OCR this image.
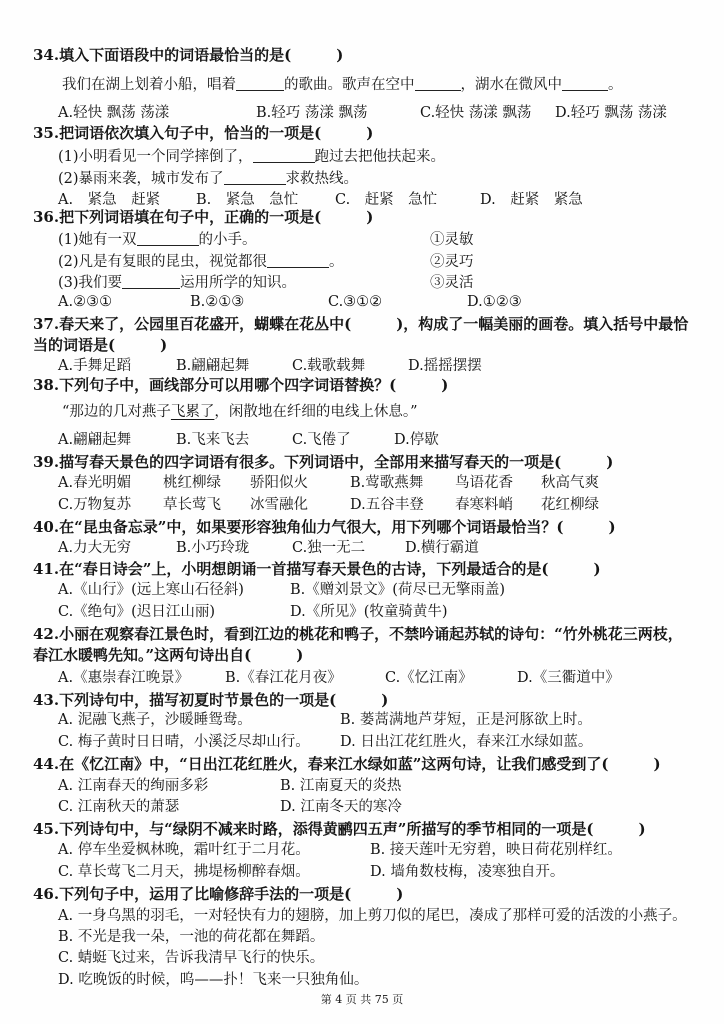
34. 填入下面语段中的词语最恰当的是(　　　)
我们在湖上划着小船，唱着	的歌曲。歌声在空中	，湖水在微风中	。
A.轻快 飘荡 荡漾	B.轻巧 荡漾 飘荡	C.轻快 荡漾 飘荡 D.轻巧 飘荡 荡漾
35. 把词语依次填入句子中，恰当的一项是(　　　)
(1)小明看见一个同学摔倒了，	跑过去把他扶起来。
(2)暴雨来袭，城市发布了	求救热线。
A.　紧急　赶紧 B.　紧急　急忙	C.　赶紧　急忙	D.　赶紧　紧急
36. 把下列词语填在句子中，正确的一项是(　　　)
(1)她有一双	的小手。	①灵敏
(2)凡是有复眼的昆虫，视觉都很	。	②灵巧
(3)我们要	运用所学的知识。	③灵活
A.②③①	B.②①③	C.③①②	D.①②③
37. 春天来了，公园里百花盛开，蝴蝶在花丛中(　　　)，构成了一幅美丽的画卷。填入括号中最恰
当的词语是(　　　)
A.手舞足蹈	B.翩翩起舞	C.载歌载舞	D.摇摇摆摆
38. 下列句子中，画线部分可以用哪个四字词语替换？(　　　)
“那边的几对燕子 飞累了 ，闲散地在纤细的电线上休息。”
A.翩翩起舞	B.飞来飞去	C.飞倦了	D.停歇
39. 描写春天景色的四字词语有很多。下列词语中，全部用来描写春天的一项是(　　　)
A. 春光明媚 桃红柳绿 骄阳似火	B. 莺歌燕舞 鸟语花香 秋高气爽
C. 万物复苏 草长莺飞 冰雪融化	D. 五谷丰登 春寒料峭 花红柳绿
40. 在“昆虫备忘录”中，如果要形容独角仙力气很大，用下列哪个词语最恰当？(　　　)
A.力大无穷	B.小巧玲珑	C.独一无二	D.横行霸道
41. 在“春日诗会”上，小明想朗诵一首描写春天景色的古诗，下列最适合的是(　　　)
A.《山行》(远上寒山石径斜)	B.《赠刘景文》(荷尽已无擎雨盖)
C.《绝句》(迟日江山丽)	D.《所见》(牧童骑黄牛)
42. 小丽在观察春江景色时，看到江边的桃花和鸭子，不禁吟诵起苏轼的诗句：“竹外桃花三两枝，
春江水暖鸭先知。”这两句诗出自(　　　)
A.《惠崇春江晚景》 B.《春江花月夜》	C.《忆江南》	D.《三衢道中》
43. 下列诗句中，描写初夏时节景色的一项是(　　　)
A. 泥融飞燕子，沙暖睡鸳鸯。	B. 蒌蒿满地芦芽短，正是河豚欲上时。
C. 梅子黄时日日晴，小溪泛尽却山行。 D. 日出江花红胜火，春来江水绿如蓝。
44. 在《忆江南》中，“日出江花红胜火，春来江水绿如蓝”这两句诗，让我们感受到了(　　　)
A. 江南春天的绚丽多彩	B. 江南夏天的炎热
C. 江南秋天的萧瑟	D. 江南冬天的寒冷
45. 下列诗句中，与“绿阴不减来时路，添得黄鹂四五声”所描写的季节相同的一项是(　　　)
A. 停车坐爱枫林晚，霜叶红于二月花。	B. 接天莲叶无穷碧，映日荷花别样红。
C. 草长莺飞二月天，拂堤杨柳醉春烟。	D. 墙角数枝梅，凌寒独自开。
46. 下列句子中，运用了比喻修辞手法的一项是(　　　)
A. 一身乌黑的羽毛，一对轻快有力的翅膀，加上剪刀似的尾巴，凑成了那样可爱的活泼的小燕子。
B. 不光是我一朵，一池的荷花都在舞蹈。
C. 蜻蜓飞过来，告诉我清早飞行的快乐。
D. 吃晚饭的时候，呜——扑！飞来一只独角仙。
第 4 页 共 75 页
